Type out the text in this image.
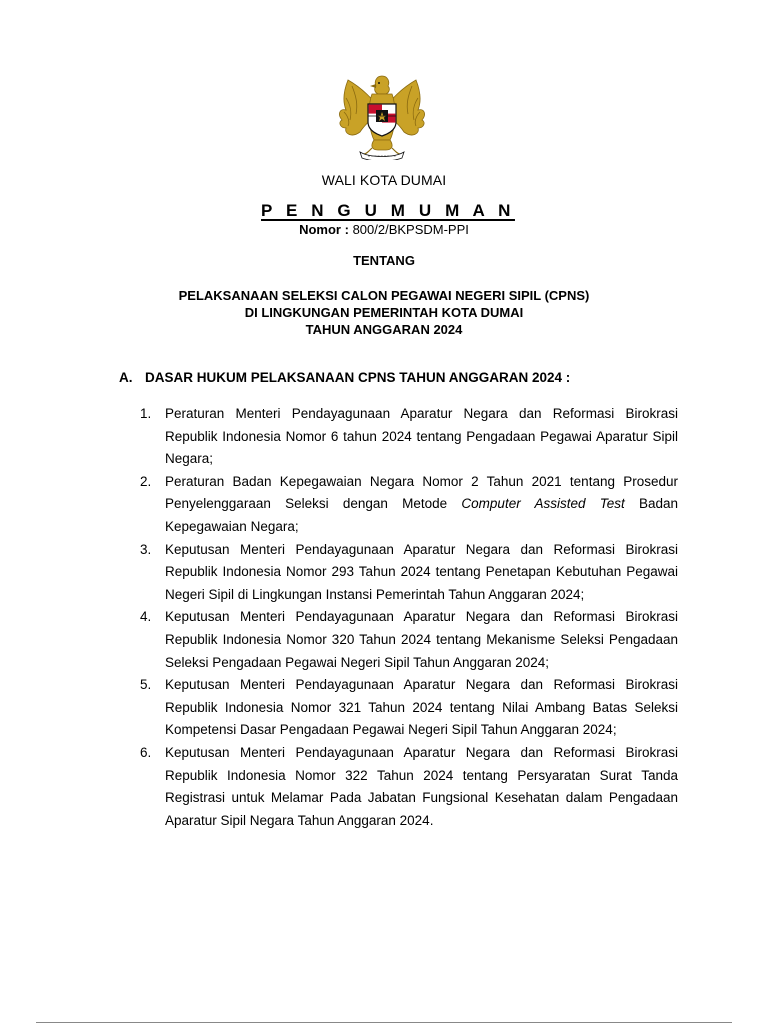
WALI KOTA DUMAI
P E N G U M U M A N
Nomor : 800/2/BKPSDM-PPI
TENTANG
PELAKSANAAN SELEKSI CALON PEGAWAI NEGERI SIPIL (CPNS)
DI LINGKUNGAN PEMERINTAH KOTA DUMAI
TAHUN ANGGARAN 2024
A. DASAR HUKUM PELAKSANAAN CPNS TAHUN ANGGARAN 2024 :
1. Peraturan Menteri Pendayagunaan Aparatur Negara dan Reformasi Birokrasi Republik Indonesia Nomor 6 tahun 2024 tentang Pengadaan Pegawai Aparatur Sipil Negara;
2. Peraturan Badan Kepegawaian Negara Nomor 2 Tahun 2021 tentang Prosedur Penyelenggaraan Seleksi dengan Metode Computer Assisted Test Badan Kepegawaian Negara;
3. Keputusan Menteri Pendayagunaan Aparatur Negara dan Reformasi Birokrasi Republik Indonesia Nomor 293 Tahun 2024 tentang Penetapan Kebutuhan Pegawai Negeri Sipil di Lingkungan Instansi Pemerintah Tahun Anggaran 2024;
4. Keputusan Menteri Pendayagunaan Aparatur Negara dan Reformasi Birokrasi Republik Indonesia Nomor 320 Tahun 2024 tentang Mekanisme Seleksi Pengadaan Seleksi Pengadaan Pegawai Negeri Sipil Tahun Anggaran 2024;
5. Keputusan Menteri Pendayagunaan Aparatur Negara dan Reformasi Birokrasi Republik Indonesia Nomor 321 Tahun 2024 tentang Nilai Ambang Batas Seleksi Kompetensi Dasar Pengadaan Pegawai Negeri Sipil Tahun Anggaran 2024;
6. Keputusan Menteri Pendayagunaan Aparatur Negara dan Reformasi Birokrasi Republik Indonesia Nomor 322 Tahun 2024 tentang Persyaratan Surat Tanda Registrasi untuk Melamar Pada Jabatan Fungsional Kesehatan dalam Pengadaan Aparatur Sipil Negara Tahun Anggaran 2024.
